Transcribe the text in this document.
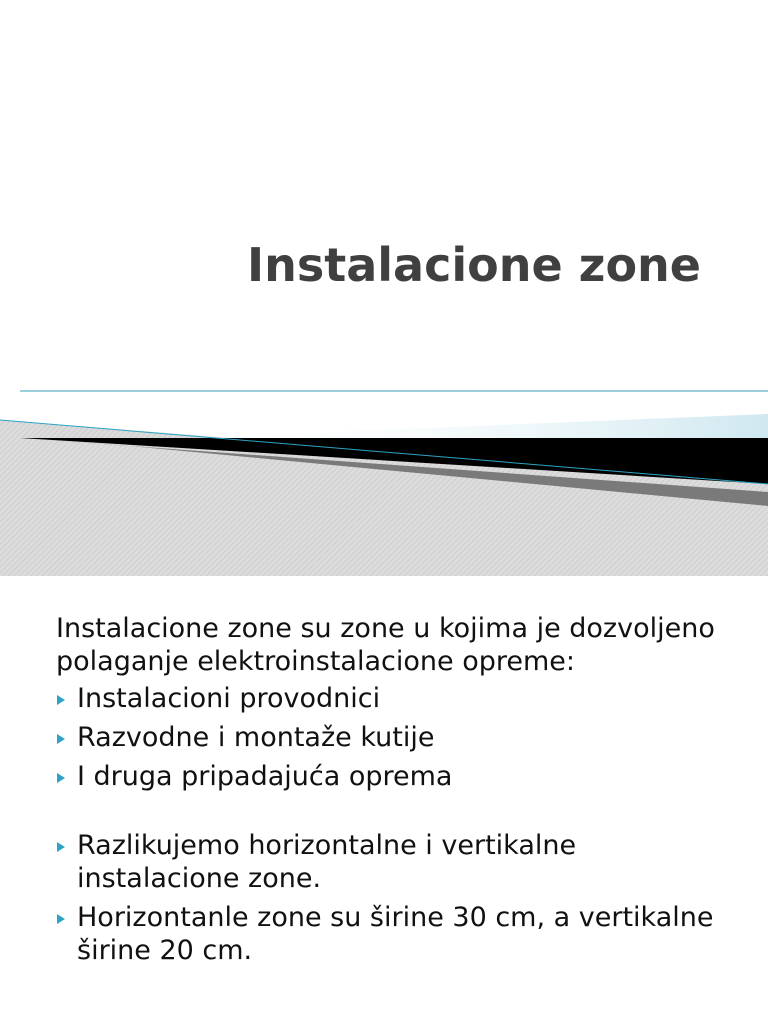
Instalacione zone

Instalacione zone su zone u kojima je dozvoljeno polaganje elektroinstalacione opreme:

Instalacioni provodnici
Razvodne i montaže kutije
I druga pripadajuća oprema
Razlikujemo horizontalne i vertikalne instalacione zone.
Horizontanle zone su širine 30 cm, a vertikalne širine 20 cm.
